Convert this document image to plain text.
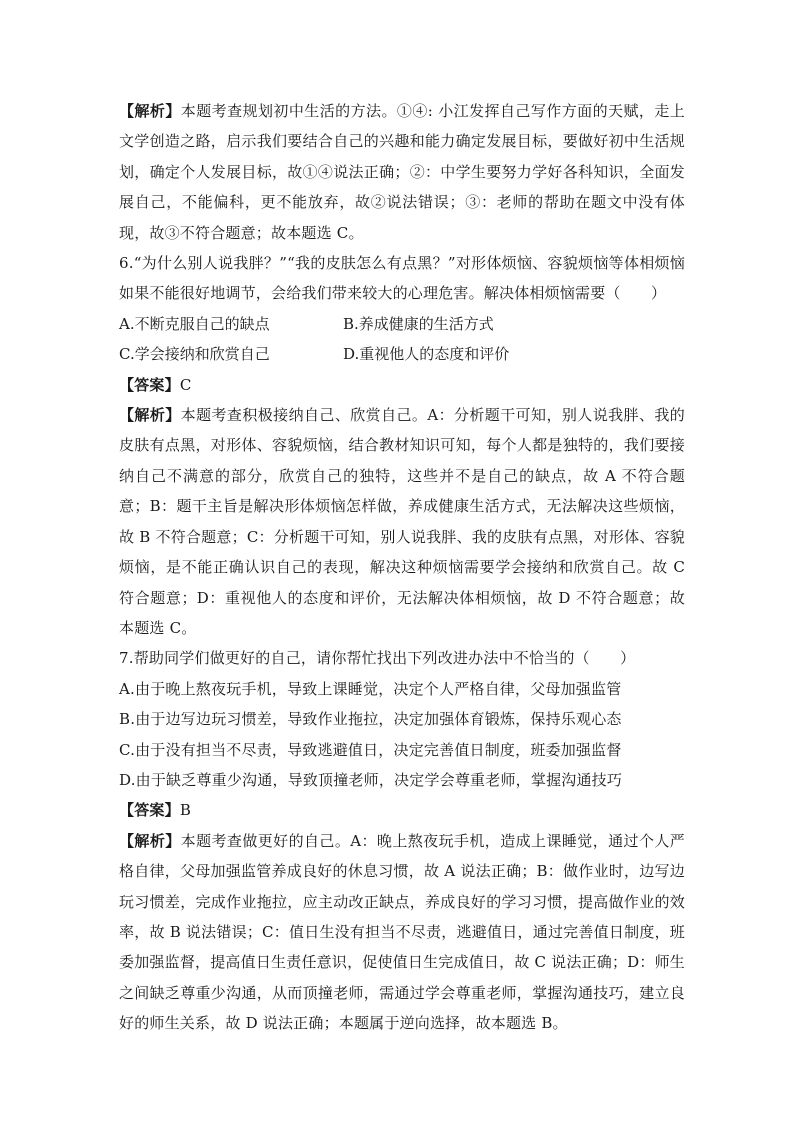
【解析】本题考查规划初中生活的方法。①④: 小江发挥自己写作方面的天赋，走上文学创造之路，启示我们要结合自己的兴趣和能力确定发展目标，要做好初中生活规划，确定个人发展目标，故①④说法正确；②：中学生要努力学好各科知识，全面发展自己，不能偏科，更不能放弃，故②说法错误；③：老师的帮助在题文中没有体现，故③不符合题意；故本题选 C。

6.“为什么别人说我胖？”“我的皮肤怎么有点黑？”对形体烦恼、容貌烦恼等体相烦恼如果不能很好地调节，会给我们带来较大的心理危害。解决体相烦恼需要（　　）

A.不断克服自己的缺点	B.养成健康的生活方式
C.学会接纳和欣赏自己	D.重视他人的态度和评价

【答案】C

【解析】本题考查积极接纳自己、欣赏自己。A：分析题干可知，别人说我胖、我的皮肤有点黑，对形体、容貌烦恼，结合教材知识可知，每个人都是独特的，我们要接纳自己不满意的部分，欣赏自己的独特，这些并不是自己的缺点，故 A 不符合题意；B：题干主旨是解决形体烦恼怎样做，养成健康生活方式，无法解决这些烦恼，故 B 不符合题意；C：分析题干可知，别人说我胖、我的皮肤有点黑，对形体、容貌烦恼，是不能正确认识自己的表现，解决这种烦恼需要学会接纳和欣赏自己。故 C 符合题意；D：重视他人的态度和评价，无法解决体相烦恼，故 D 不符合题意；故本题选 C。

7.帮助同学们做更好的自己，请你帮忙找出下列改进办法中不恰当的（　　）

A.由于晚上熬夜玩手机，导致上课睡觉，决定个人严格自律，父母加强监管

B.由于边写边玩习惯差，导致作业拖拉，决定加强体育锻炼，保持乐观心态

C.由于没有担当不尽责，导致逃避值日，决定完善值日制度，班委加强监督

D.由于缺乏尊重少沟通，导致顶撞老师，决定学会尊重老师，掌握沟通技巧

【答案】B

【解析】本题考查做更好的自己。A：晚上熬夜玩手机，造成上课睡觉，通过个人严格自律，父母加强监管养成良好的休息习惯，故 A 说法正确；B：做作业时，边写边玩习惯差，完成作业拖拉，应主动改正缺点，养成良好的学习习惯，提高做作业的效率，故 B 说法错误；C：值日生没有担当不尽责，逃避值日，通过完善值日制度，班委加强监督，提高值日生责任意识，促使值日生完成值日，故 C 说法正确；D：师生之间缺乏尊重少沟通，从而顶撞老师，需通过学会尊重老师，掌握沟通技巧，建立良好的师生关系，故 D 说法正确；本题属于逆向选择，故本题选 B。
